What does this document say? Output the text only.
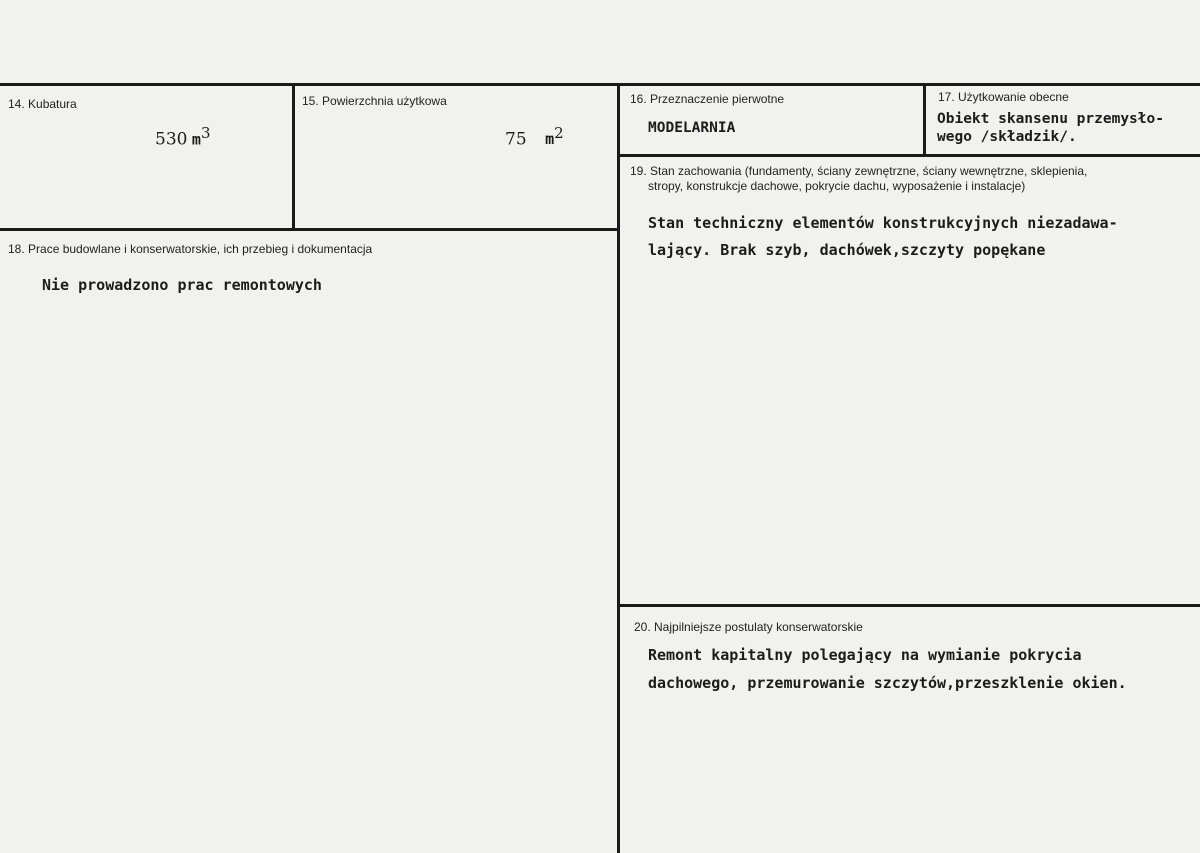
14. Kubatura
530 $m^3$
15. Powierzchnia użytkowa
75 $m^2$
16. Przeznaczenie pierwotne
MODELARNIA
17. Użytkowanie obecne
Obiekt skansenu przemysło-
wego /składzik/.
18. Prace budowlane i konserwatorskie, ich przebieg i dokumentacja
Nie prowadzono prac remontowych
19. Stan zachowania (fundamenty, ściany zewnętrzne, ściany wewnętrzne, sklepienia,
stropy, konstrukcje dachowe, pokrycie dachu, wyposażenie i instalacje)
Stan techniczny elementów konstrukcyjnych niezadawa-
lający. Brak szyb, dachówek,szczyty popękane
20. Najpilniejsze postulaty konserwatorskie
Remont kapitalny polegający na wymianie pokrycia
dachowego, przemurowanie szczytów,przeszklenie okien.
